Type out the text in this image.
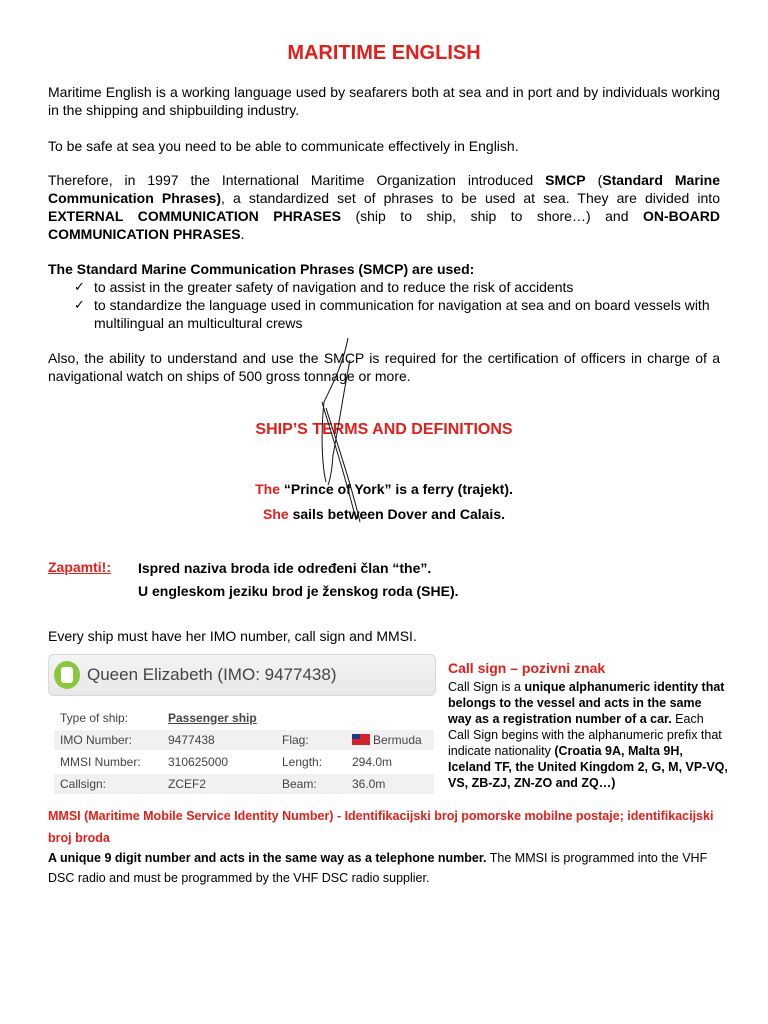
MARITIME ENGLISH
Maritime English is a working language used by seafarers both at sea and in port and by individuals working in the shipping and shipbuilding industry.
To be safe at sea you need to be able to communicate effectively in English.
Therefore, in 1997 the International Maritime Organization introduced SMCP (Standard Marine Communication Phrases), a standardized set of phrases to be used at sea. They are divided into EXTERNAL COMMUNICATION PHRASES (ship to ship, ship to shore…) and ON-BOARD COMMUNICATION PHRASES.
The Standard Marine Communication Phrases (SMCP) are used:
✓ to assist in the greater safety of navigation and to reduce the risk of accidents
✓ to standardize the language used in communication for navigation at sea and on board vessels with multilingual an multicultural crews
Also, the ability to understand and use the SMCP is required for the certification of officers in charge of a navigational watch on ships of 500 gross tonnage or more.
SHIP’S TERMS AND DEFINITIONS
The “Prince of York” is a ferry (trajekt).
She sails between Dover and Calais.
Zapamti!: Ispred naziva broda ide određeni član “the”.
U engleskom jeziku brod je ženskog roda (SHE).
Every ship must have her IMO number, call sign and MMSI.
Queen Elizabeth (IMO: 9477438)
Type of ship:	Passenger ship
IMO Number:	9477438	Flag:	Bermuda
MMSI Number: 310625000	Length: 294.0m
Callsign:	ZCEF2	Beam:	36.0m
Call sign – pozivni znak
Call Sign is a unique alphanumeric identity that belongs to the vessel and acts in the same way as a registration number of a car. Each Call Sign begins with the alphanumeric prefix that indicate nationality (Croatia 9A, Malta 9H, Iceland TF, the United Kingdom 2, G, M, VP-VQ, VS, ZB-ZJ, ZN-ZO and ZQ…)
MMSI (Maritime Mobile Service Identity Number) - Identifikacijski broj pomorske mobilne postaje; identifikacijski broj broda
A unique 9 digit number and acts in the same way as a telephone number. The MMSI is programmed into the VHF DSC radio and must be programmed by the VHF DSC radio supplier.
